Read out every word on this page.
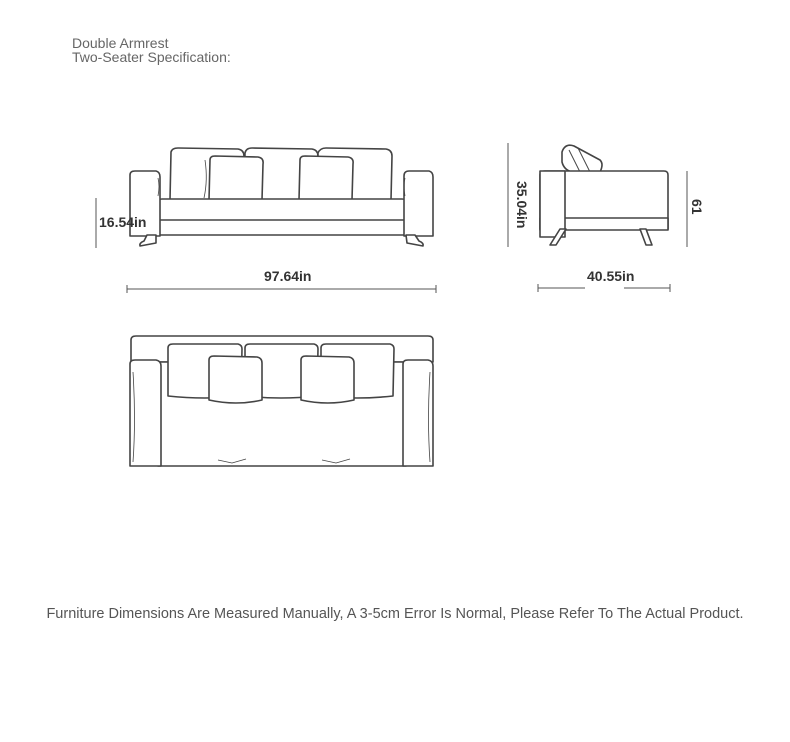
Double Armrest
Two-Seater Specification:
16.54in
97.64in	40.55in
35.04in	61
Furniture Dimensions Are Measured Manually, A 3-5cm Error Is Normal, Please Refer To The Actual Product.
